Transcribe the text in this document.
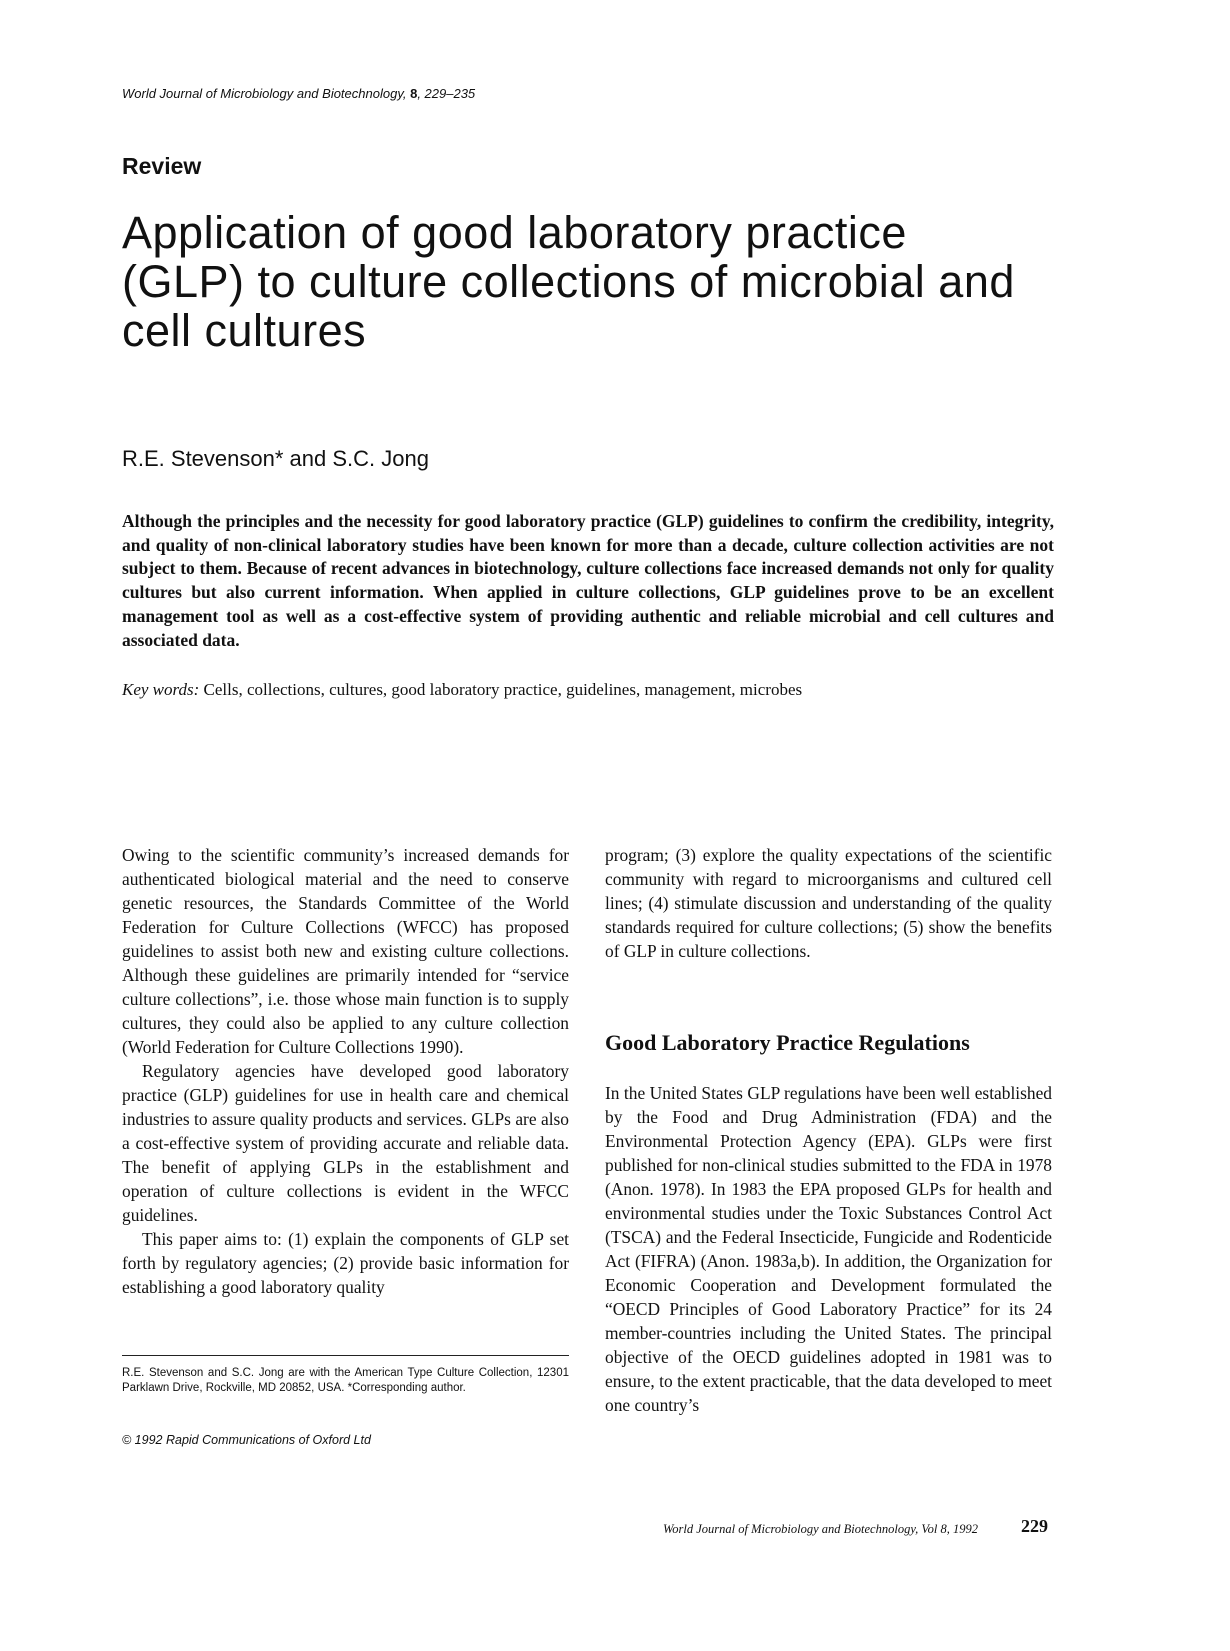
World Journal of Microbiology and Biotechnology, 8, 229–235
Review
Application of good laboratory practice (GLP) to culture collections of microbial and cell cultures
R.E. Stevenson* and S.C. Jong
Although the principles and the necessity for good laboratory practice (GLP) guidelines to confirm the credibility, integrity, and quality of non-clinical laboratory studies have been known for more than a decade, culture collection activities are not subject to them. Because of recent advances in biotechnology, culture collections face increased demands not only for quality cultures but also current information. When applied in culture collections, GLP guidelines prove to be an excellent management tool as well as a cost-effective system of providing authentic and reliable microbial and cell cultures and associated data.
Key words: Cells, collections, cultures, good laboratory practice, guidelines, management, microbes

Owing to the scientific community’s increased demands for authenticated biological material and the need to conserve genetic resources, the Standards Committee of the World Federation for Culture Collections (WFCC) has proposed guidelines to assist both new and existing culture collections. Although these guidelines are primarily intended for “service culture collections”, i.e. those whose main function is to supply cultures, they could also be applied to any culture collection (World Federation for Culture Collections 1990).

Regulatory agencies have developed good laboratory practice (GLP) guidelines for use in health care and chemical industries to assure quality products and services. GLPs are also a cost-effective system of providing accurate and reliable data. The benefit of applying GLPs in the establishment and operation of culture collections is evident in the WFCC guidelines.

This paper aims to: (1) explain the components of GLP set forth by regulatory agencies; (2) provide basic information for establishing a good laboratory quality

program; (3) explore the quality expectations of the scientific community with regard to microorganisms and cultured cell lines; (4) stimulate discussion and understanding of the quality standards required for culture collections; (5) show the benefits of GLP in culture collections.

Good Laboratory Practice Regulations

In the United States GLP regulations have been well established by the Food and Drug Administration (FDA) and the Environmental Protection Agency (EPA). GLPs were first published for non-clinical studies submitted to the FDA in 1978 (Anon. 1978). In 1983 the EPA proposed GLPs for health and environmental studies under the Toxic Substances Control Act (TSCA) and the Federal Insecticide, Fungicide and Rodenticide Act (FIFRA) (Anon. 1983a,b). In addition, the Organization for Economic Cooperation and Development formulated the “OECD Principles of Good Laboratory Practice” for its 24 member-countries including the United States. The principal objective of the OECD guidelines adopted in 1981 was to ensure, to the extent practicable, that the data developed to meet one country’s

R.E. Stevenson and S.C. Jong are with the American Type Culture Collection, 12301 Parklawn Drive, Rockville, MD 20852, USA. *Corresponding author.
© 1992 Rapid Communications of Oxford Ltd
World Journal of Microbiology and Biotechnology, Vol 8, 1992 229
